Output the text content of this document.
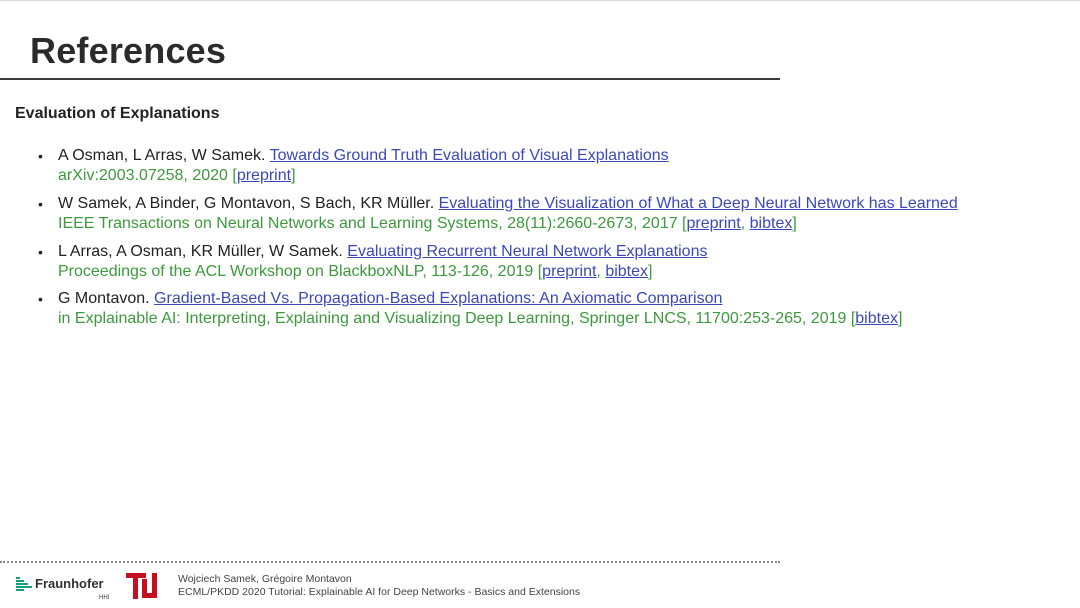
References
Evaluation of Explanations
• A Osman, L Arras, W Samek. Towards Ground Truth Evaluation of Visual Explanations
arXiv:2003.07258, 2020 [preprint]
• W Samek, A Binder, G Montavon, S Bach, KR Müller. Evaluating the Visualization of What a Deep Neural Network has Learned
IEEE Transactions on Neural Networks and Learning Systems, 28(11):2660-2673, 2017 [preprint, bibtex]
• L Arras, A Osman, KR Müller, W Samek. Evaluating Recurrent Neural Network Explanations
Proceedings of the ACL Workshop on BlackboxNLP, 113-126, 2019 [preprint, bibtex]
• G Montavon. Gradient-Based Vs. Propagation-Based Explanations: An Axiomatic Comparison
in Explainable AI: Interpreting, Explaining and Visualizing Deep Learning, Springer LNCS, 11700:253-265, 2019 [bibtex]
Fraunhofer
HHI
Wojciech Samek, Grégoire Montavon
ECML/PKDD 2020 Tutorial: Explainable AI for Deep Networks - Basics and Extensions
